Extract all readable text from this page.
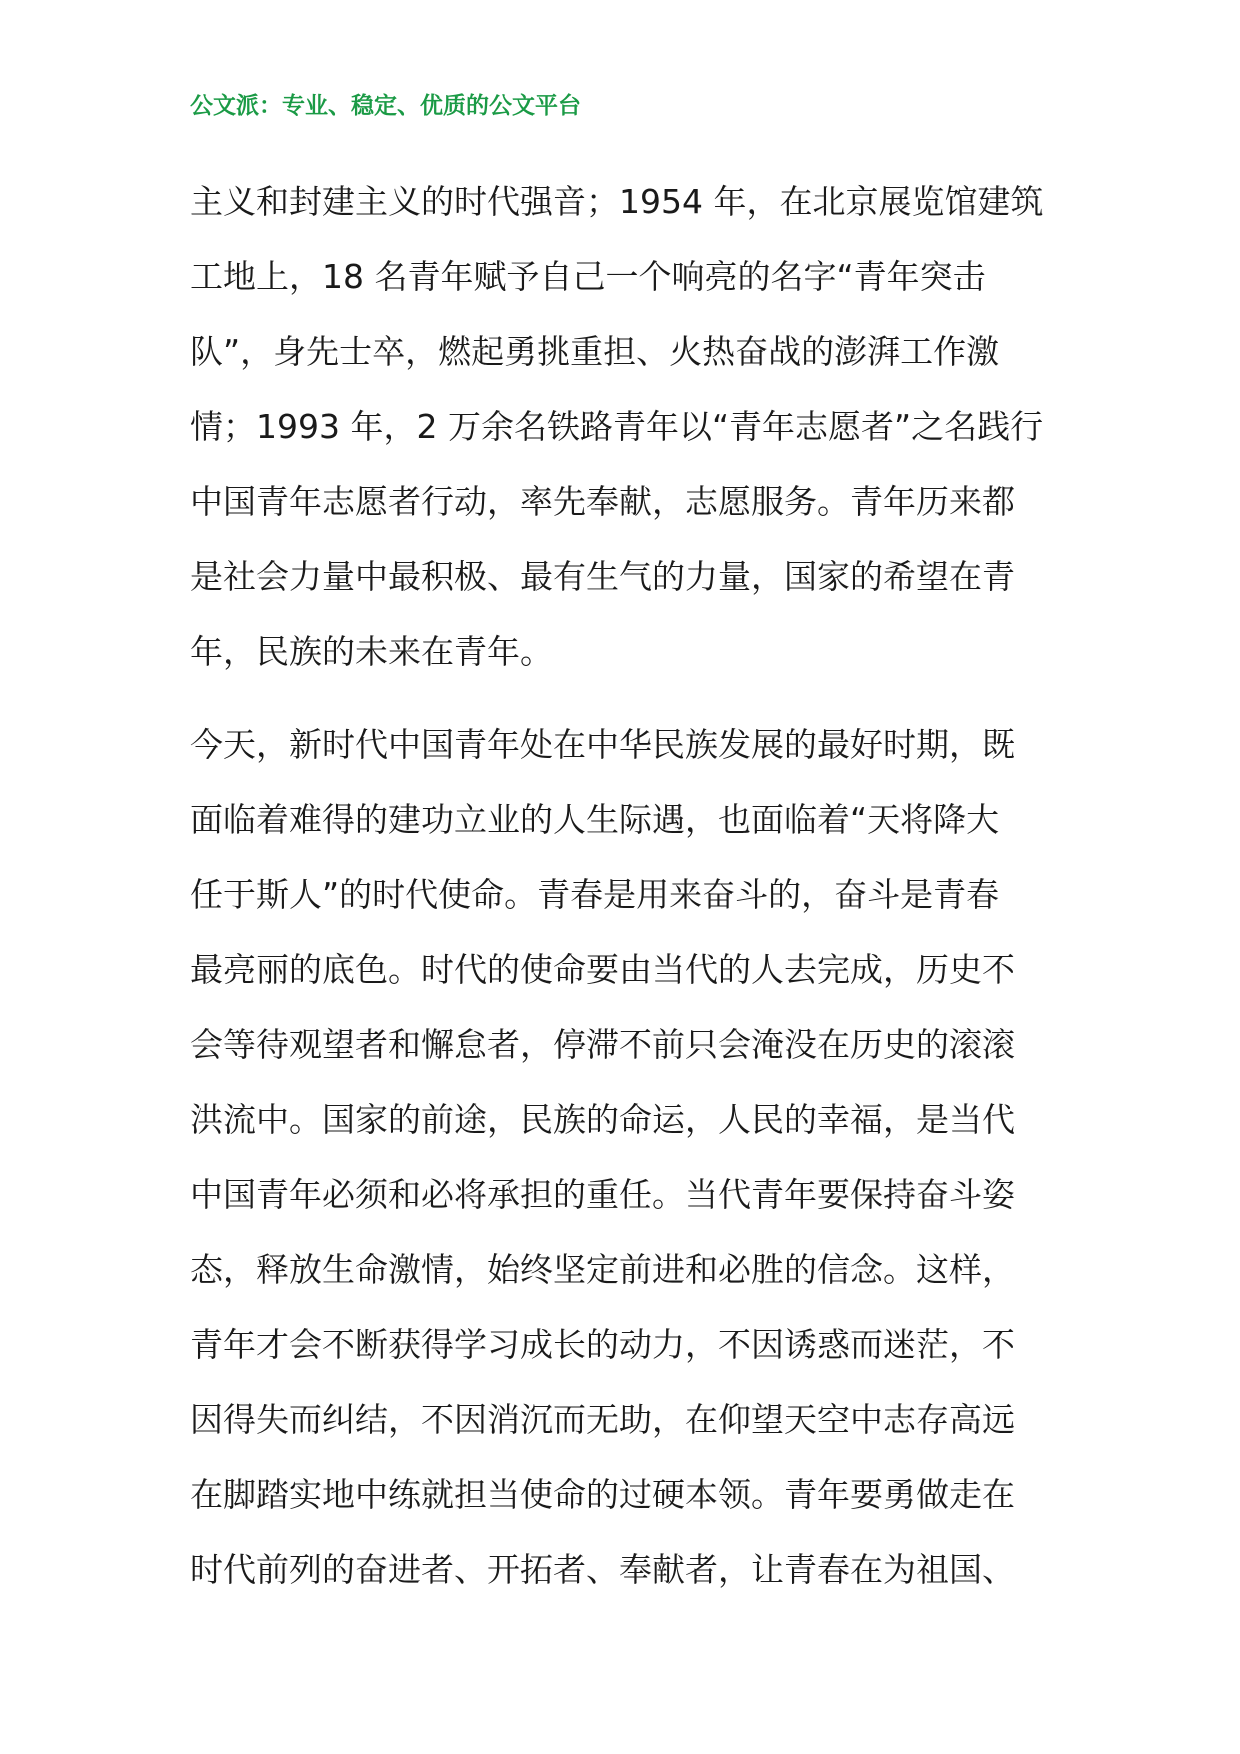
公文派：专业、稳定、优质的公文平台
主义和封建主义的时代强音；1954 年，在北京展览馆建筑
工地上，18 名青年赋予自己一个响亮的名字“青年突击
队”，身先士卒，燃起勇挑重担、火热奋战的澎湃工作激
情；1993 年，2 万余名铁路青年以“青年志愿者”之名践行
中国青年志愿者行动，率先奉献，志愿服务。青年历来都
是社会力量中最积极、最有生气的力量，国家的希望在青
年，民族的未来在青年。
今天，新时代中国青年处在中华民族发展的最好时期，既
面临着难得的建功立业的人生际遇，也面临着“天将降大
任于斯人”的时代使命。青春是用来奋斗的，奋斗是青春
最亮丽的底色。时代的使命要由当代的人去完成，历史不
会等待观望者和懈怠者，停滞不前只会淹没在历史的滚滚
洪流中。国家的前途，民族的命运，人民的幸福，是当代
中国青年必须和必将承担的重任。当代青年要保持奋斗姿
态，释放生命激情，始终坚定前进和必胜的信念。这样，
青年才会不断获得学习成长的动力，不因诱惑而迷茫，不
因得失而纠结，不因消沉而无助，在仰望天空中志存高远
在脚踏实地中练就担当使命的过硬本领。青年要勇做走在
时代前列的奋进者、开拓者、奉献者，让青春在为祖国、
